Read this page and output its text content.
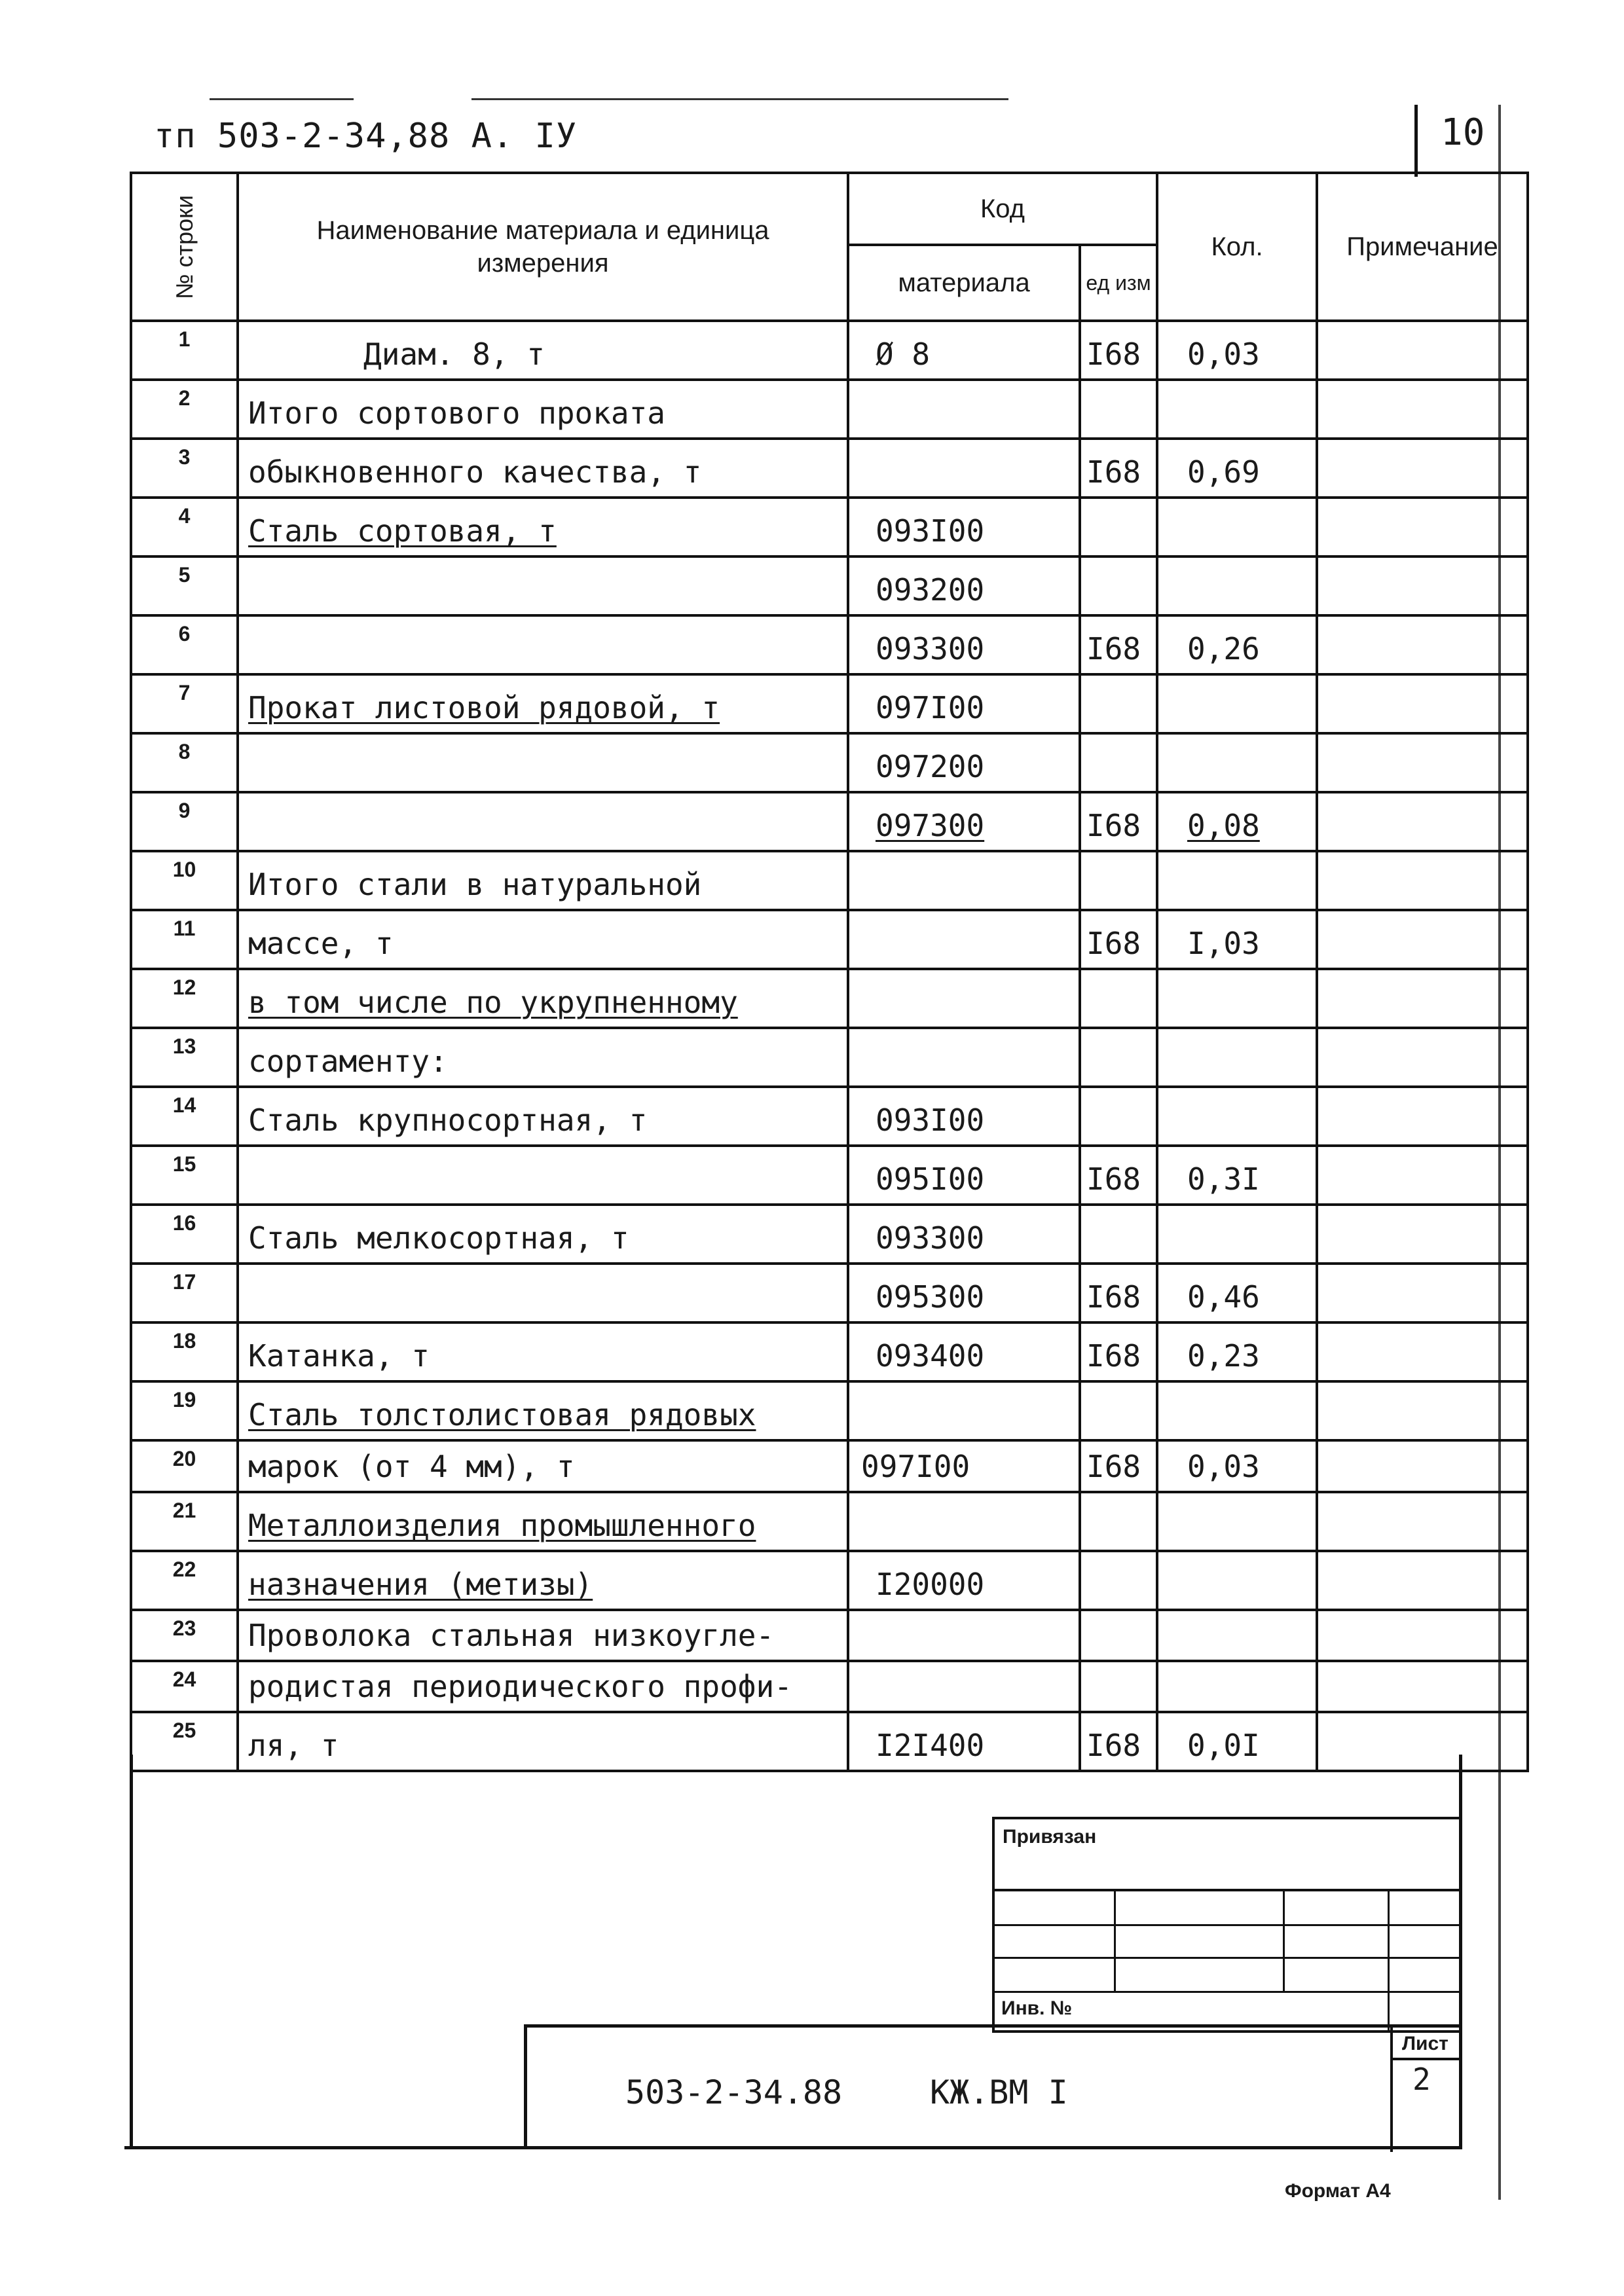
тп 503-2-34,88 А. IУ	10
№ строки	Наименование материала и единица измерения	Код		Кол.	Примечание
		материала	ед изм		
1	Диам. 8, т	Ø 8	I68	0,03	
2	Итого сортового проката				
3	обыкновенного качества, т		I68	0,69	
4	Сталь сортовая, т	093I00			
5		093200			
6		093300	I68	0,26	
7	Прокат листовой рядовой, т	097I00			
8		097200			
9		097300	I68	0,08	
10	Итого стали в натуральной				
11	массе, т		I68	I,03	
12	в том числе по укрупненному				
13	сортаменту:				
14	Сталь крупносортная, т	093I00			
15		095I00	I68	0,3I	
16	Сталь мелкосортная, т	093300			
17		095300	I68	0,46	
18	Катанка, т	093400	I68	0,23	
19	Сталь толстолистовая рядовых				
20	марок (от 4 мм), т	097I00	I68	0,03	
21	Металлоизделия промышленного				
22	назначения (метизы)	I20000			
23	Проволока стальная низкоугле-				
24	родистая периодического профи-				
25	ля, т	I2I400	I68	0,0I	
Привязан
Инв. №
503-2-34.88	КЖ.ВМ I
Лист
2
Формат А4
